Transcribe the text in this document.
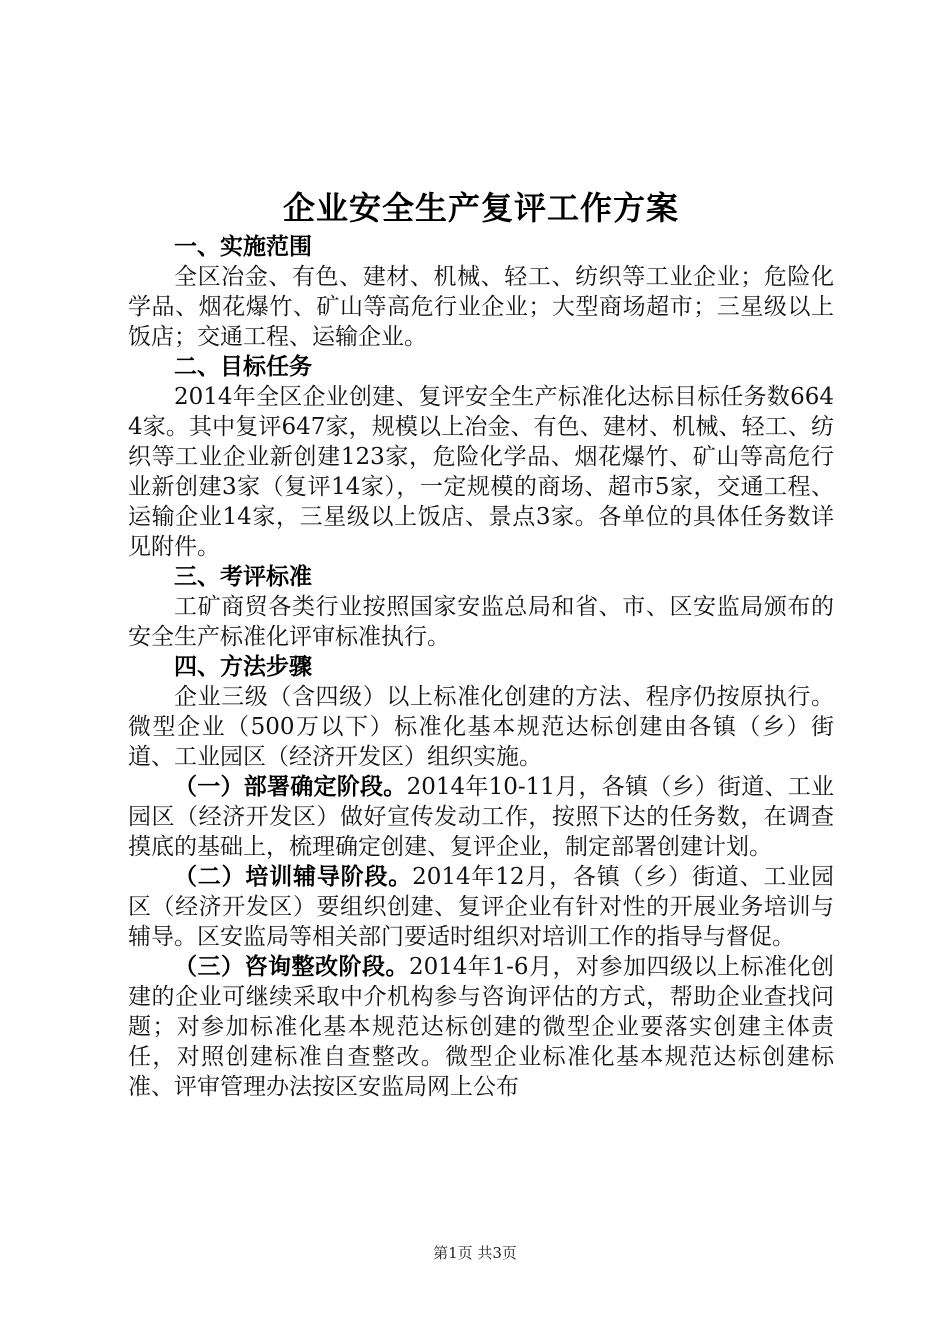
企业安全生产复评工作方案

一、实施范围

全区冶金、有色、建材、机械、轻工、纺织等工业企业；危险化学品、烟花爆竹、矿山等高危行业企业；大型商场超市；三星级以上饭店；交通工程、运输企业。

二、目标任务

2014年全区企业创建、复评安全生产标准化达标目标任务数6644家。其中复评647家，规模以上冶金、有色、建材、机械、轻工、纺织等工业企业新创建123家，危险化学品、烟花爆竹、矿山等高危行业新创建3家（复评14家），一定规模的商场、超市5家，交通工程、运输企业14家，三星级以上饭店、景点3家。各单位的具体任务数详见附件。

三、考评标准

工矿商贸各类行业按照国家安监总局和省、市、区安监局颁布的安全生产标准化评审标准执行。

四、方法步骤

企业三级（含四级）以上标准化创建的方法、程序仍按原执行。微型企业（500万以下）标准化基本规范达标创建由各镇（乡）街道、工业园区（经济开发区）组织实施。

（一）部署确定阶段。2014年10-11月，各镇（乡）街道、工业园区（经济开发区）做好宣传发动工作，按照下达的任务数，在调查摸底的基础上，梳理确定创建、复评企业，制定部署创建计划。

（二）培训辅导阶段。2014年12月，各镇（乡）街道、工业园区（经济开发区）要组织创建、复评企业有针对性的开展业务培训与辅导。区安监局等相关部门要适时组织对培训工作的指导与督促。

（三）咨询整改阶段。2014年1-6月，对参加四级以上标准化创建的企业可继续采取中介机构参与咨询评估的方式，帮助企业查找问题；对参加标准化基本规范达标创建的微型企业要落实创建主体责任，对照创建标准自查整改。微型企业标准化基本规范达标创建标准、评审管理办法按区安监局网上公布

第1页 共3页
